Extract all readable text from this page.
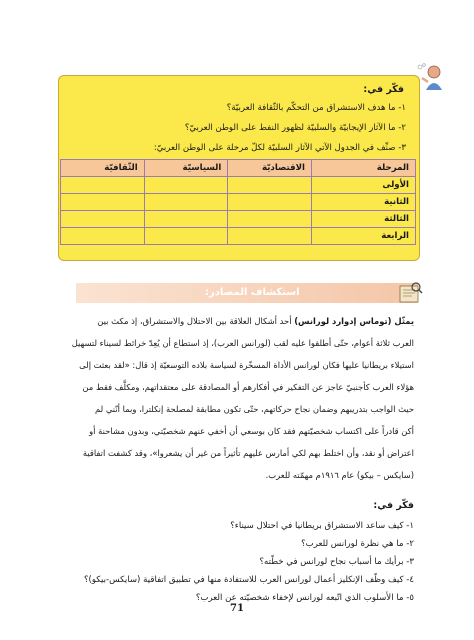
فكّر في:
١- ما هدف الاستشراق من التحكّم بالثّقافة العربيّة؟
٢- ما الآثار الإيجابيّة والسلبيّة لظهور النفط على الوطن العربيّ؟
٣- صنِّف في الجدول الآتي الآثار السلبيّة لكلّ مرحلة على الوطن العربيّ:
المرحلة	الاقتصاديّة	السياسيّة	الثّقافيّة
الأولى			
الثانية			
الثالثة			
الرابعة			
استكشاف المصادر:
يمثّل (توماس إدوارد لورانس) أحد أشكال العلاقة بين الاحتلال والاستشراق، إذ مكث بين
العرب ثلاثة أعوام، حتّى أطلقوا عليه لقب (لورانس العرب)، إذ استطاع أن يُعِدّ خرائط لسيناء لتسهيل
استيلاء بريطانيا عليها فكان لورانس الأداة المسخّرة لسياسة بلاده التوسعيّة إذ قال: «لقد بعثت إلى
هؤلاء العرب كأجنبيّ عاجز عن التفكير في أفكارهم أو المصادقة على معتقداتهم، ومكلَّف فقط من
حيث الواجب بتدريبهم وضمان نجاح حركاتهم، حتّى تكون مطابقة لمصلحة إنكلترا، وبما أنّني لم
أكن قادراً على اكتساب شخصيّتهم فقد كان بوسعي أن أخفي عنهم شخصيّتي، وبدون مشاحنة أو
اعتراض أو نقد، وأن اختلط بهم لكي أمارس عليهم تأثيراً من غير أن يشعروا»، وقد كشفت اتفاقية
(سايكس – بيكو) عام ١٩١٦م مهمّته للعرب.
فكّر في:
١- كيف ساعد الاستشراق بريطانيا في احتلال سيناء؟
٢- ما هي نظرة لورانس للعرب؟
٣- برأيك ما أسباب نجاح لورانس في خطّته؟
٤- كيف وظّف الإنكليز أعمال لورانس العرب للاستفادة منها في تطبيق اتفاقية (سايكس-بيكو)؟
٥- ما الأسلوب الذي اتّبعه لورانس لإخفاء شخصيّته عن العرب؟
71
